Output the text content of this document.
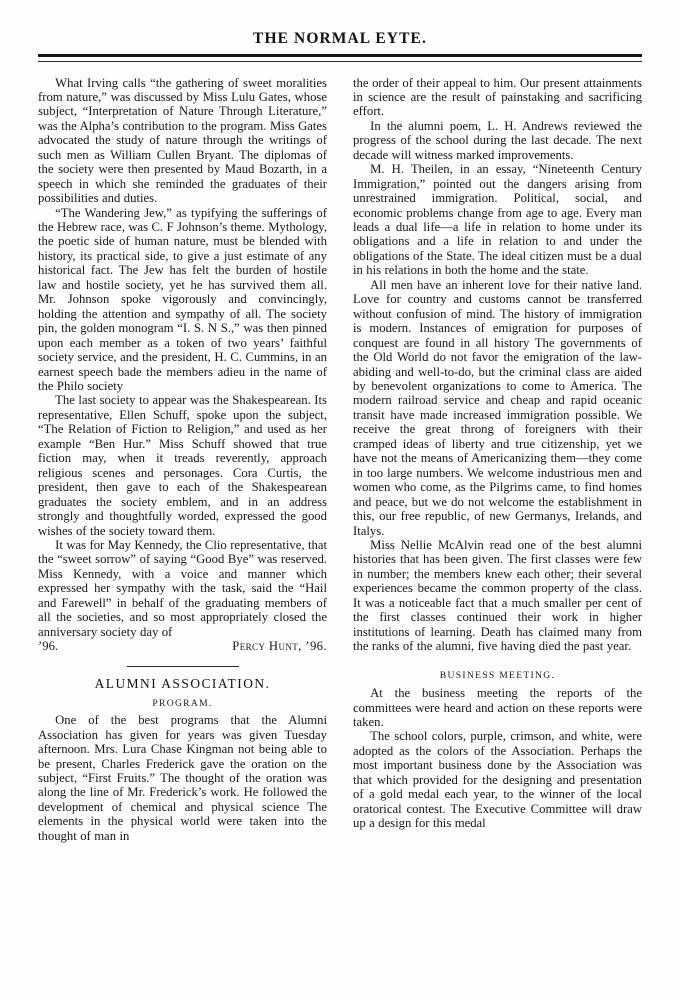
THE NORMAL EYTE.

What Irving calls “the gathering of sweet moralities from nature,” was discussed by Miss Lulu Gates, whose subject, “Interpretation of Nature Through Literature,” was the Alpha’s contribution to the program. Miss Gates advocated the study of nature through the writings of such men as William Cullen Bryant. The diplomas of the society were then presented by Maud Bozarth, in a speech in which she reminded the graduates of their possibilities and duties.

“The Wandering Jew,” as typifying the sufferings of the Hebrew race, was C. F Johnson’s theme. Mythology, the poetic side of human nature, must be blended with history, its practical side, to give a just estimate of any historical fact. The Jew has felt the burden of hostile law and hostile society, yet he has survived them all. Mr. Johnson spoke vigorously and convincingly, holding the attention and sympathy of all. The society pin, the golden monogram “I. S. N S.,” was then pinned upon each member as a token of two years’ faithful society service, and the president, H. C. Cummins, in an earnest speech bade the members adieu in the name of the Philo society

The last society to appear was the Shakespearean. Its representative, Ellen Schuff, spoke upon the subject, “The Relation of Fiction to Religion,” and used as her example “Ben Hur.” Miss Schuff showed that true fiction may, when it treads reverently, approach religious scenes and personages. Cora Curtis, the president, then gave to each of the Shakespearean graduates the society emblem, and in an address strongly and thoughtfully worded, expressed the good wishes of the society toward them.

It was for May Kennedy, the Clio representative, that the “sweet sorrow” of saying “Good Bye” was reserved. Miss Kennedy, with a voice and manner which expressed her sympathy with the task, said the “Hail and Farewell” in behalf of the graduating members of all the societies, and so most appropriately closed the anniversary society day of

’96.	Percy Hunt, ’96.
ALUMNI ASSOCIATION.
PROGRAM.

One of the best programs that the Alumni Association has given for years was given Tuesday afternoon. Mrs. Lura Chase Kingman not being able to be present, Charles Frederick gave the oration on the subject, “First Fruits.” The thought of the oration was along the line of Mr. Frederick’s work. He followed the development of chemical and physical science The elements in the physical world were taken into the thought of man in

the order of their appeal to him. Our present attainments in science are the result of painstaking and sacrificing effort.

In the alumni poem, L. H. Andrews reviewed the progress of the school during the last decade. The next decade will witness marked improvements.

M. H. Theilen, in an essay, “Nineteenth Century Immigration,” pointed out the dangers arising from unrestrained immigration. Political, social, and economic problems change from age to age. Every man leads a dual life—a life in relation to home under its obligations and a life in relation to and under the obligations of the State. The ideal citizen must be a dual in his relations in both the home and the state.

All men have an inherent love for their native land. Love for country and customs cannot be transferred without confusion of mind. The history of immigration is modern. Instances of emigration for purposes of conquest are found in all history The governments of the Old World do not favor the emigration of the law-abiding and well-to-do, but the criminal class are aided by benevolent organizations to come to America. The modern railroad service and cheap and rapid oceanic transit have made increased immigration possible. We receive the great throng of foreigners with their cramped ideas of liberty and true citizenship, yet we have not the means of Americanizing them—they come in too large numbers. We welcome industrious men and women who come, as the Pilgrims came, to find homes and peace, but we do not welcome the establishment in this, our free republic, of new Germanys, Irelands, and Italys.

Miss Nellie McAlvin read one of the best alumni histories that has been given. The first classes were few in number; the members knew each other; their several experiences became the common property of the class. It was a noticeable fact that a much smaller per cent of the first classes continued their work in higher institutions of learning. Death has claimed many from the ranks of the alumni, five having died the past year.

BUSINESS MEETING.

At the business meeting the reports of the committees were heard and action on these reports were taken.

The school colors, purple, crimson, and white, were adopted as the colors of the Association. Perhaps the most important business done by the Association was that which provided for the designing and presentation of a gold medal each year, to the winner of the local oratorical contest. The Executive Committee will draw up a design for this medal
